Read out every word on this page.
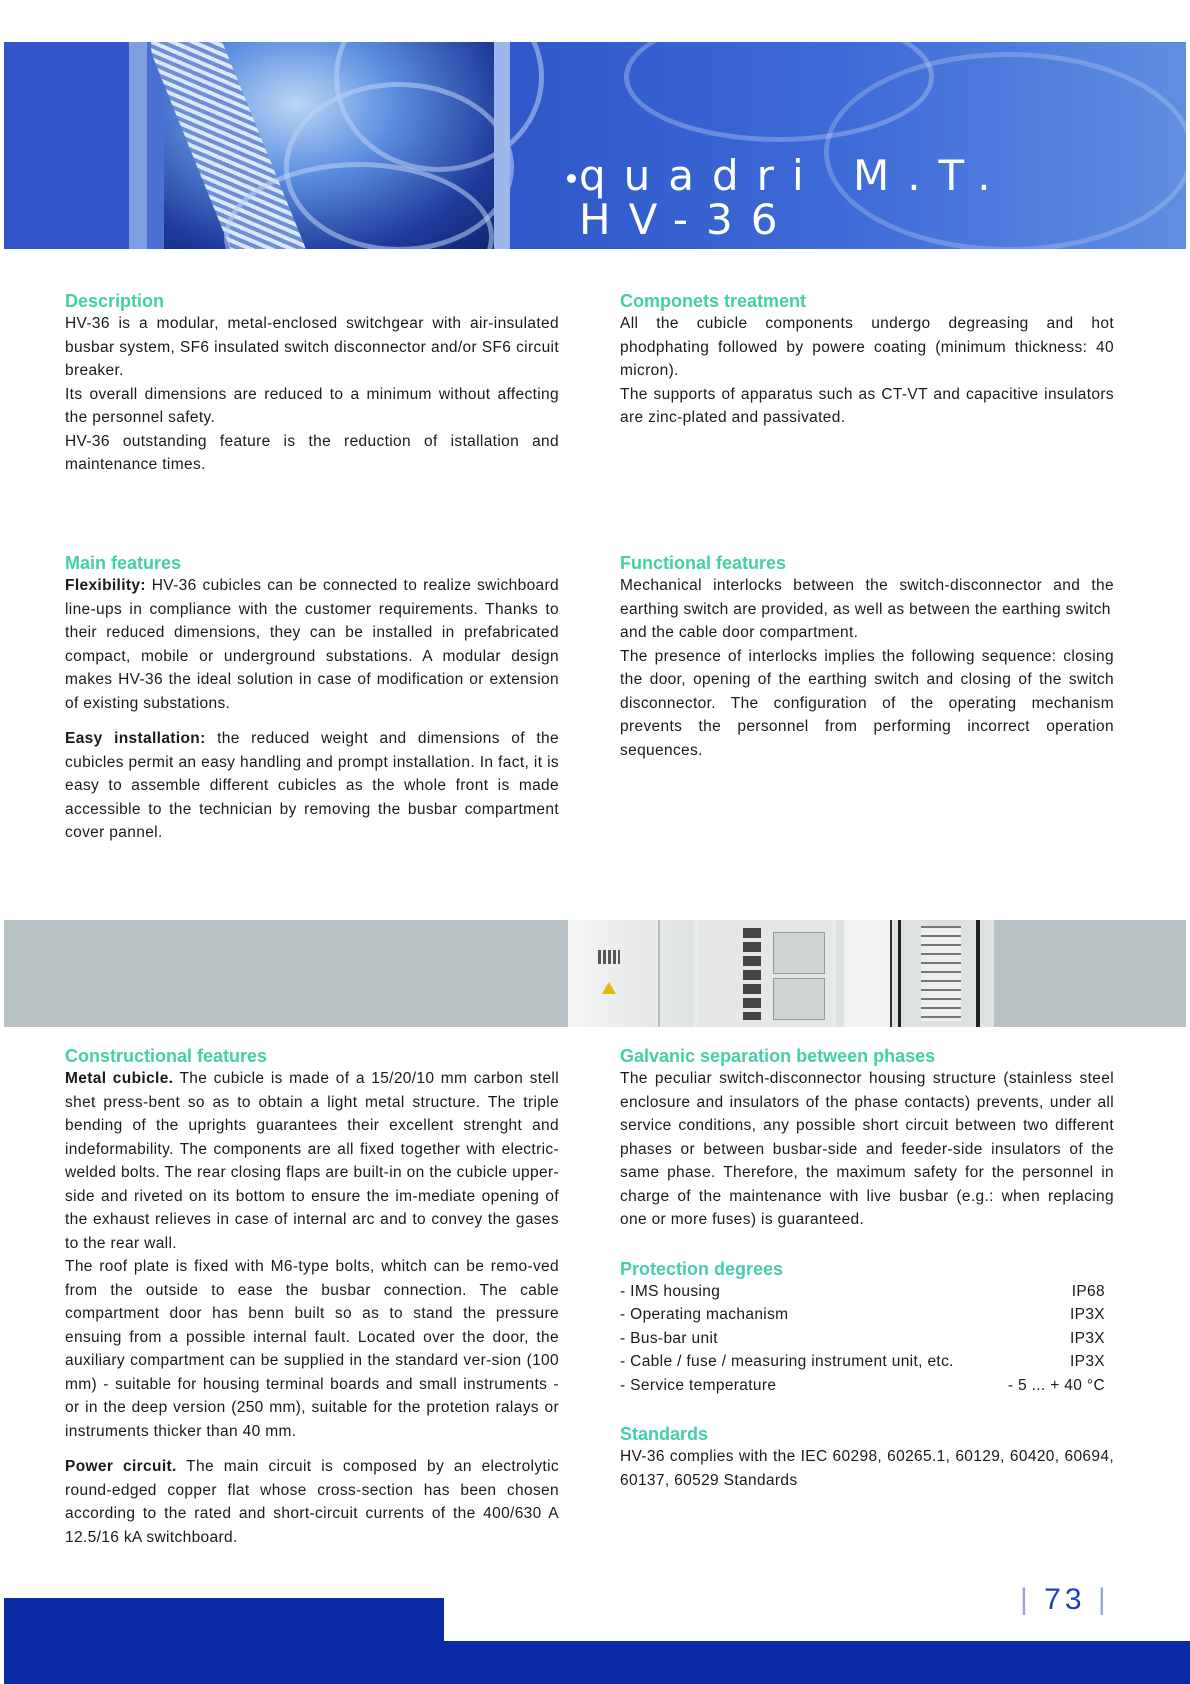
quadri M.T.
HV-36
Description

HV-36 is a modular, metal-enclosed switchgear with air-insulated busbar system, SF6 insulated switch disconnector and/or SF6 circuit breaker.

Its overall dimensions are reduced to a minimum without affecting the personnel safety.

HV-36 outstanding feature is the reduction of istallation and maintenance times.

Componets treatment

All the cubicle components undergo degreasing and hot phodphating followed by powere coating (minimum thickness: 40 micron).

The supports of apparatus such as CT-VT and capacitive insulators are zinc-plated and passivated.

Main features

Flexibility: HV-36 cubicles can be connected to realize swichboard line-ups in compliance with the customer requirements. Thanks to their reduced dimensions, they can be installed in prefabricated compact, mobile or underground substations. A modular design makes HV-36 the ideal solution in case of modification or extension of existing substations.

Easy installation: the reduced weight and dimensions of the cubicles permit an easy handling and prompt installation. In fact, it is easy to assemble different cubicles as the whole front is made accessible to the technician by removing the busbar compartment cover pannel.

Functional features

Mechanical interlocks between the switch-disconnector and the earthing switch are provided, as well as between the earthing switch

and the cable door compartment.

The presence of interlocks implies the following sequence: closing the door, opening of the earthing switch and closing of the switch disconnector. The configuration of the operating mechanism prevents the personnel from performing incorrect operation sequences.

Constructional features

Metal cubicle. The cubicle is made of a 15/20/10 mm carbon stell shet press-bent so as to obtain a light metal structure. The triple bending of the uprights guarantees their excellent strenght and indeformability. The components are all fixed together with electric-welded bolts. The rear closing flaps are built-in on the cubicle upper-side and riveted on its bottom to ensure the im-mediate opening of the exhaust relieves in case of internal arc and to convey the gases to the rear wall.

The roof plate is fixed with M6-type bolts, whitch can be remo-ved from the outside to ease the busbar connection. The cable compartment door has benn built so as to stand the pressure ensuing from a possible internal fault. Located over the door, the auxiliary compartment can be supplied in the standard ver-sion (100 mm) - suitable for housing terminal boards and small instruments - or in the deep version (250 mm), suitable for the protetion ralays or instruments thicker than 40 mm.

Power circuit. The main circuit is composed by an electrolytic round-edged copper flat whose cross-section has been chosen according to the rated and short-circuit currents of the 400/630 A 12.5/16 kA switchboard.

Galvanic separation between phases

The peculiar switch-disconnector housing structure (stainless steel enclosure and insulators of the phase contacts) prevents, under all service conditions, any possible short circuit between two different phases or between busbar-side and feeder-side insulators of the same phase. Therefore, the maximum safety for the personnel in charge of the maintenance with live busbar (e.g.: when replacing one or more fuses) is guaranteed.

Protection degrees
- IMS housing	IP68
- Operating machanism	IP3X
- Bus-bar unit	IP3X
- Cable / fuse / measuring instrument unit, etc.	IP3X
- Service temperature	- 5 ... + 40 °C
Standards

HV-36 complies with the IEC 60298, 60265.1, 60129, 60420, 60694, 60137, 60529 Standards

| 73 |
